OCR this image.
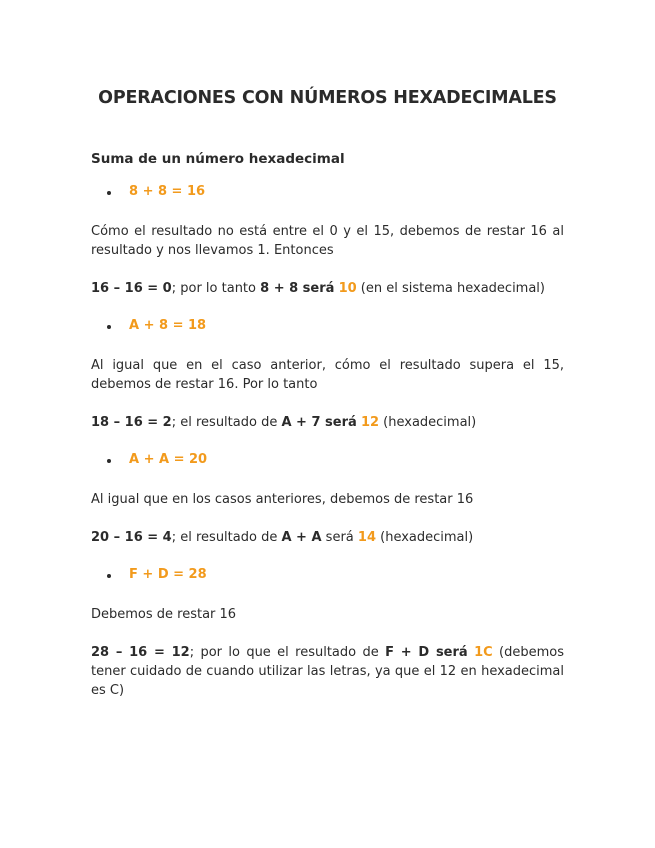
OPERACIONES CON NÚMEROS HEXADECIMALES
Suma de un número hexadecimal
8 + 8 = 16
Cómo el resultado no está entre el 0 y el 15, debemos de restar 16 al resultado y nos llevamos 1. Entonces
16 – 16 = 0; por lo tanto 8 + 8 será 10 (en el sistema hexadecimal)
A + 8 = 18
Al igual que en el caso anterior, cómo el resultado supera el 15, debemos de restar 16. Por lo tanto
18 – 16 = 2; el resultado de A + 7 será 12 (hexadecimal)
A + A = 20
Al igual que en los casos anteriores, debemos de restar 16
20 – 16 = 4; el resultado de A + A será 14 (hexadecimal)
F + D = 28
Debemos de restar 16
28 – 16 = 12; por lo que el resultado de F + D será 1C (debemos tener cuidado de cuando utilizar las letras, ya que el 12 en hexadecimal es C)
